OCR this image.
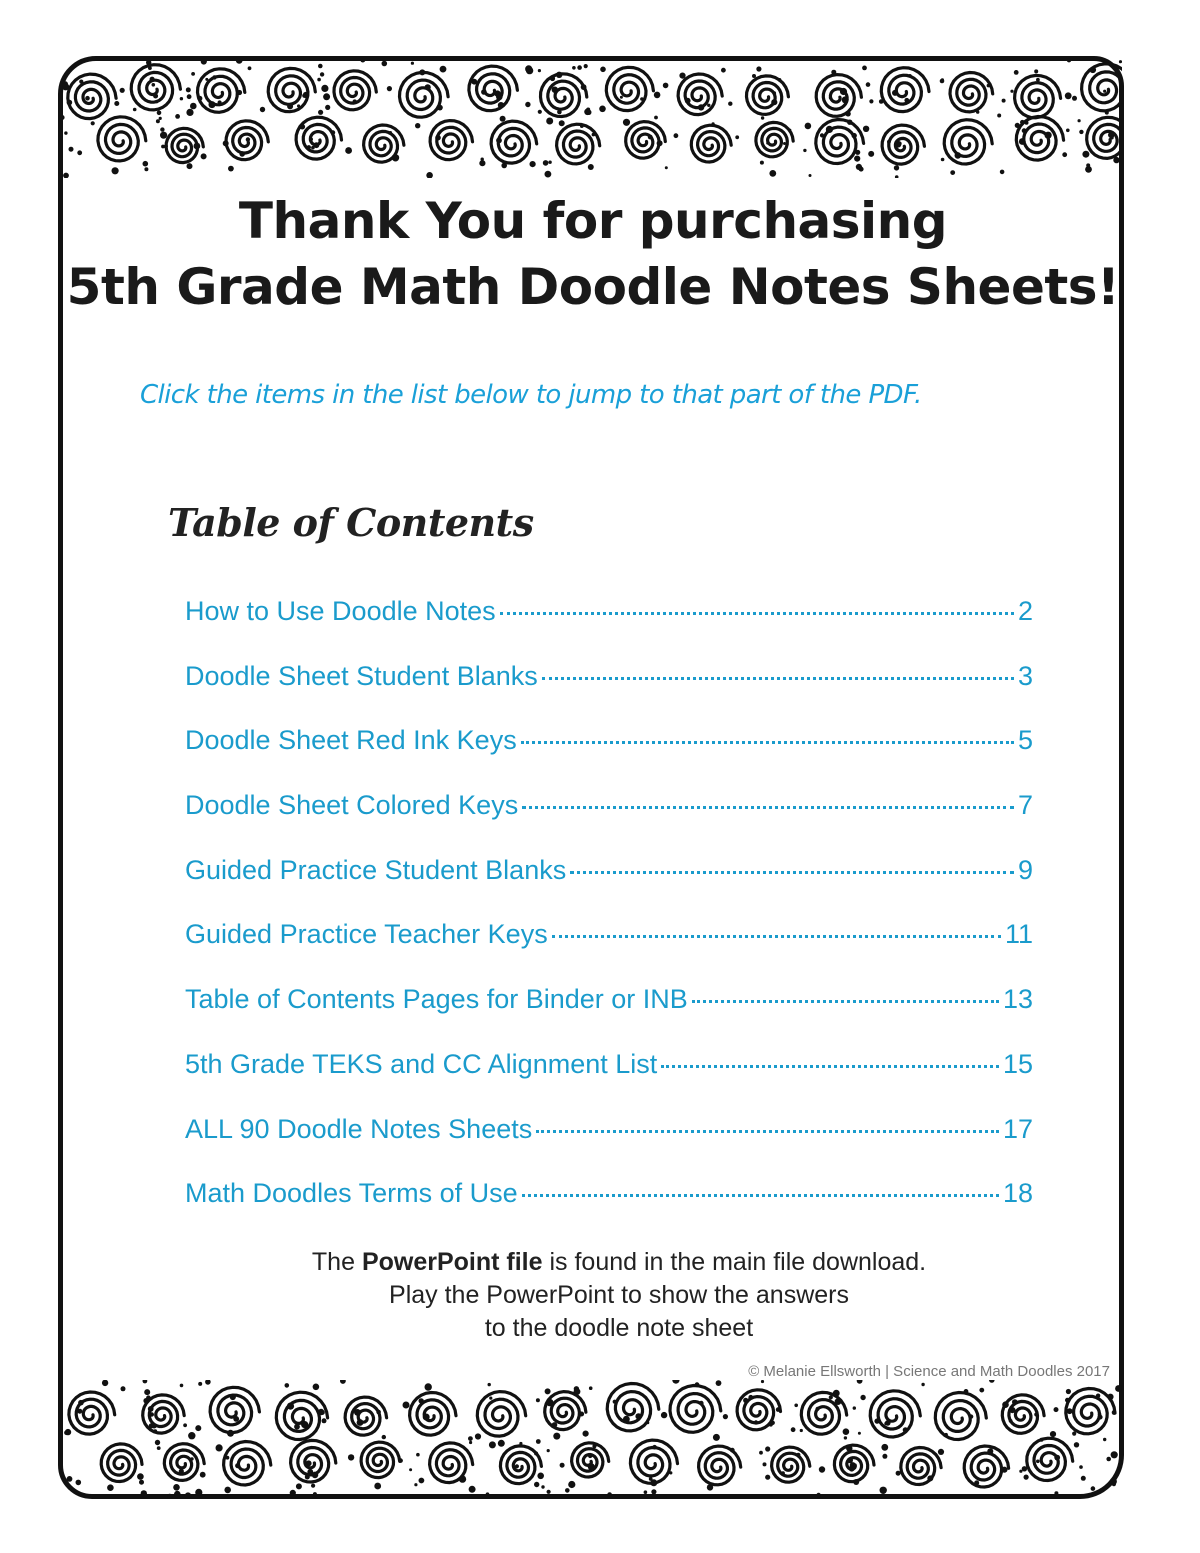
Thank You for purchasing
5th Grade Math Doodle Notes Sheets!

Click the items in the list below to jump to that part of the PDF.

Table of Contents
How to Use Doodle Notes	2
Doodle Sheet Student Blanks	3
Doodle Sheet Red Ink Keys	5
Doodle Sheet Colored Keys	7
Guided Practice Student Blanks	9
Guided Practice Teacher Keys	11
Table of Contents Pages for Binder or INB	13
5th Grade TEKS and CC Alignment List	15
ALL 90 Doodle Notes Sheets	17
Math Doodles Terms of Use	18

The PowerPoint file is found in the main file download.

Play the PowerPoint to show the answers

to the doodle note sheet

© Melanie Ellsworth | Science and Math Doodles 2017
